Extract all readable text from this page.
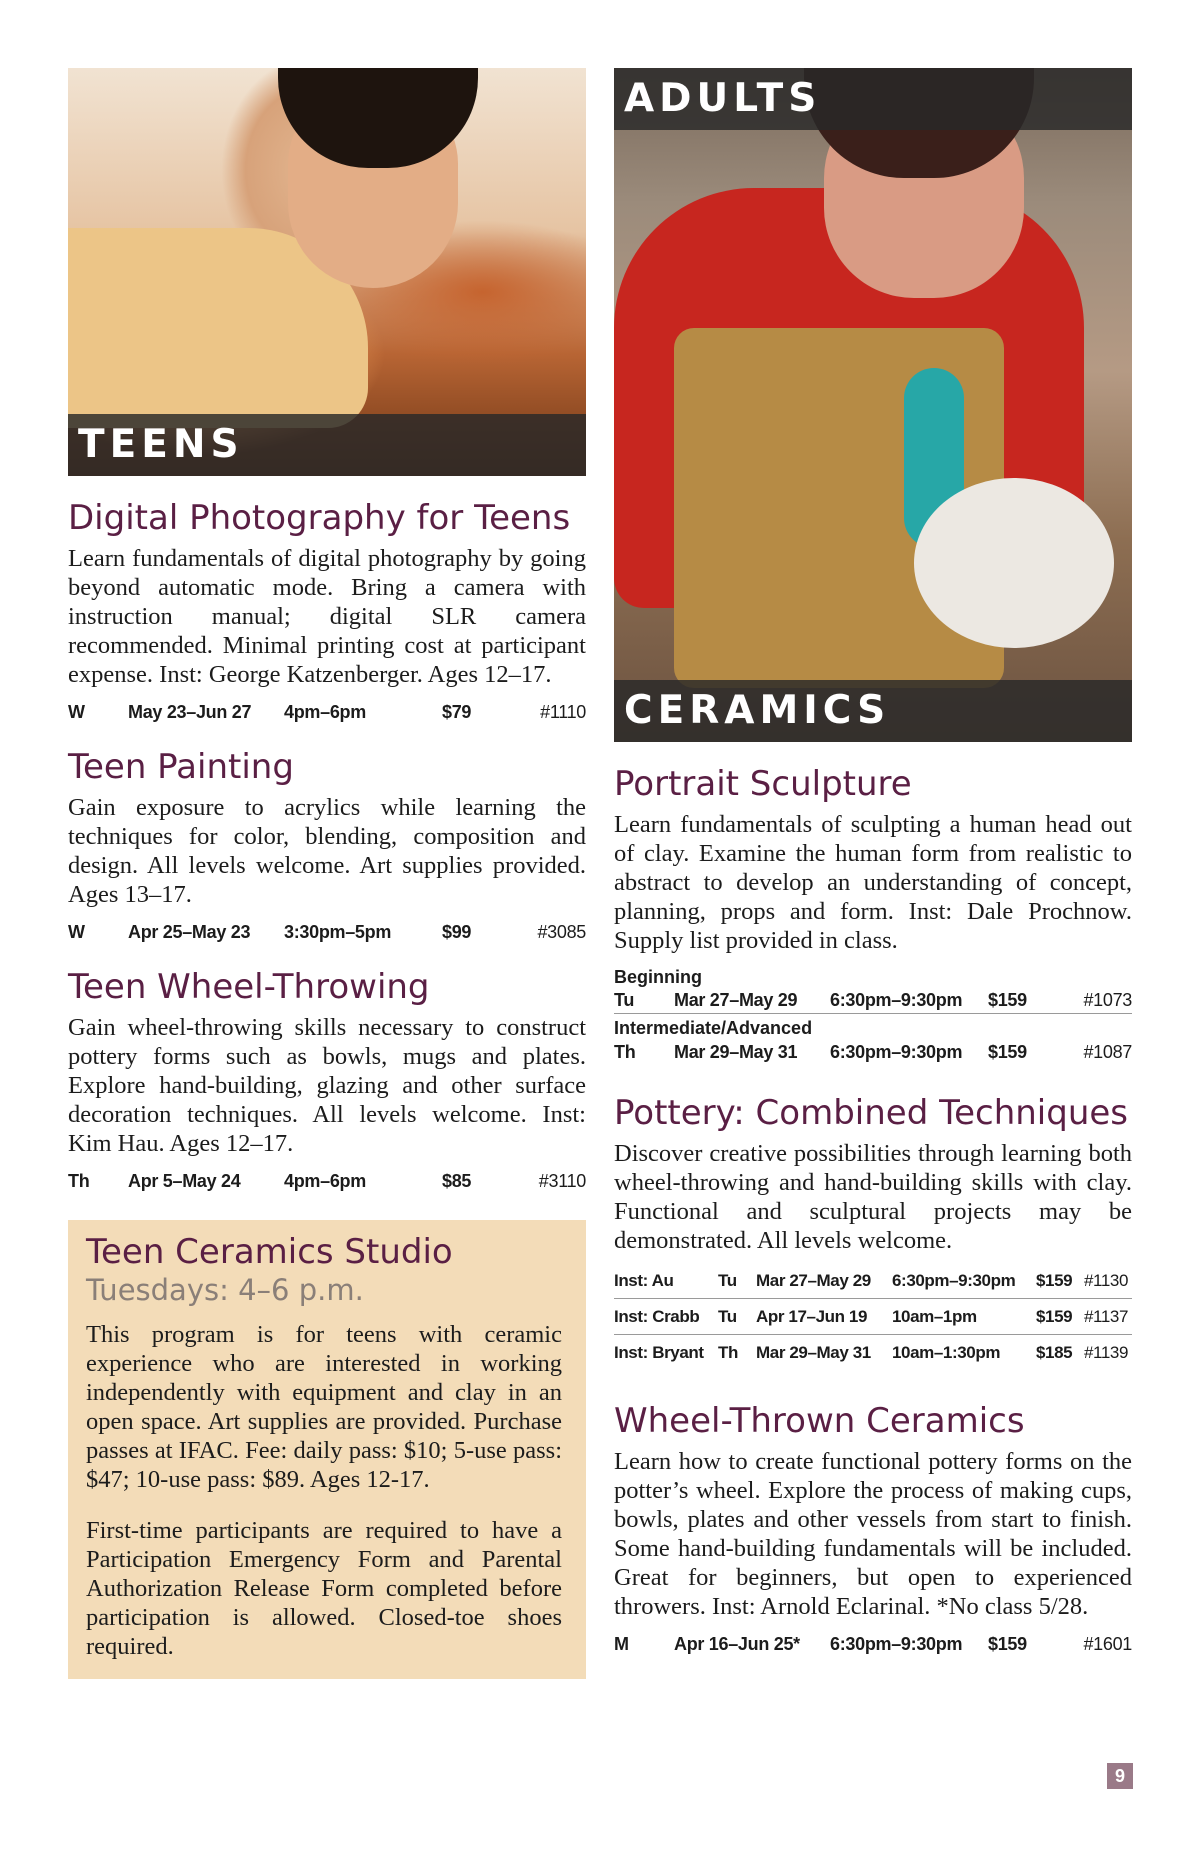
TEENS
Digital Photography for Teens

Learn fundamentals of digital photography by going beyond automatic mode. Bring a camera with instruction manual; digital SLR camera recommended. Minimal printing cost at participant expense. Inst: George Katzenberger. Ages 12–17.

W	May 23–Jun 27	4pm–6pm	$79	#1110
Teen Painting

Gain exposure to acrylics while learning the techniques for color, blending, composition and design. All levels welcome. Art supplies provided. Ages 13–17.

W	Apr 25–May 23	3:30pm–5pm	$99	#3085
Teen Wheel-Throwing

Gain wheel-throwing skills necessary to construct pottery forms such as bowls, mugs and plates. Explore hand-building, glazing and other surface decoration techniques. All levels welcome. Inst: Kim Hau. Ages 12–17.

Th	Apr 5–May 24	4pm–6pm	$85	#3110
Teen Ceramics Studio
Tuesdays: 4–6 p.m.

This program is for teens with ceramic experience who are interested in working independently with equipment and clay in an open space. Art supplies are provided. Purchase passes at IFAC. Fee: daily pass: $10; 5-use pass: $47; 10-use pass: $89. Ages 12-17.

First-time participants are required to have a Participation Emergency Form and Parental Authorization Release Form completed before participation is allowed. Closed-toe shoes required.

ADULTS
CERAMICS
Portrait Sculpture

Learn fundamentals of sculpting a human head out of clay. Examine the human form from realistic to abstract to develop an understanding of concept, planning, props and form. Inst: Dale Prochnow. Supply list provided in class.

Beginning
Tu	Mar 27–May 29	6:30pm–9:30pm	$159	#1073
Intermediate/Advanced
Th	Mar 29–May 31	6:30pm–9:30pm	$159	#1087
Pottery: Combined Techniques

Discover creative possibilities through learning both wheel-throwing and hand-building skills with clay. Functional and sculptural projects may be demonstrated. All levels welcome.

Inst: Au	Tu	Mar 27–May 29	6:30pm–9:30pm	$159 #1130
Inst: Crabb	Tu	Apr 17–Jun 19	10am–1pm	$159 #1137
Inst: Bryant Th	Mar 29–May 31	10am–1:30pm	$185 #1139
Wheel-Thrown Ceramics

Learn how to create functional pottery forms on the potter’s wheel. Explore the process of making cups, bowls, plates and other vessels from start to finish. Some hand-building fundamentals will be included. Great for beginners, but open to experienced throwers. Inst: Arnold Eclarinal. *No class 5/28.

M	Apr 16–Jun 25*	6:30pm–9:30pm	$159	#1601
9
